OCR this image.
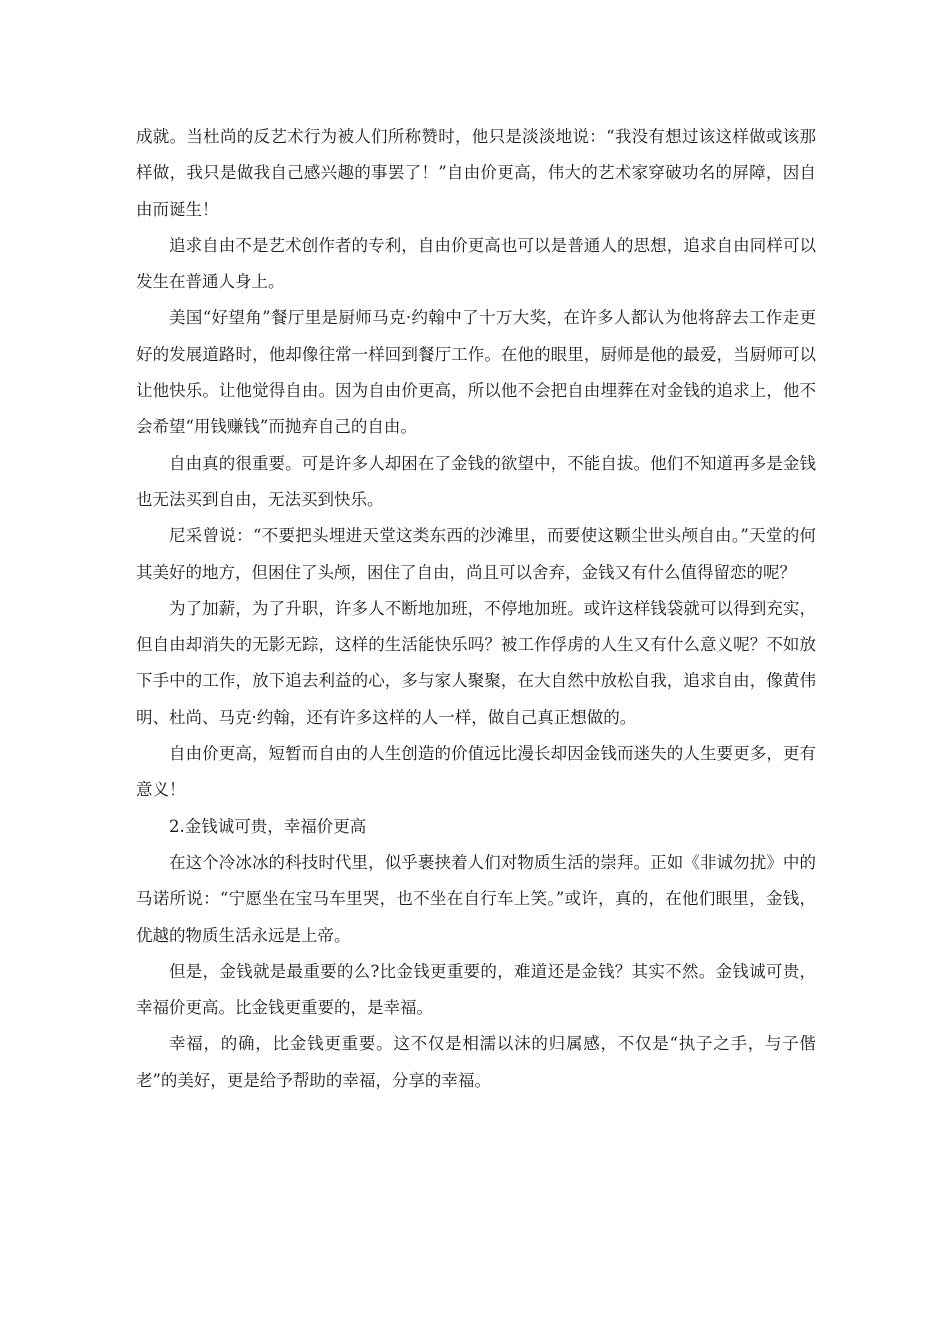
成就。当杜尚的反艺术行为被人们所称赞时，他只是淡淡地说：“我没有想过该这样做或该那样做，我只是做我自己感兴趣的事罢了！”自由价更高，伟大的艺术家穿破功名的屏障，因自由而诞生！

追求自由不是艺术创作者的专利，自由价更高也可以是普通人的思想，追求自由同样可以发生在普通人身上。

美国“好望角”餐厅里是厨师马克·约翰中了十万大奖，在许多人都认为他将辞去工作走更好的发展道路时，他却像往常一样回到餐厅工作。在他的眼里，厨师是他的最爱，当厨师可以让他快乐。让他觉得自由。因为自由价更高，所以他不会把自由埋葬在对金钱的追求上，他不会希望“用钱赚钱”而抛弃自己的自由。

自由真的很重要。可是许多人却困在了金钱的欲望中，不能自拔。他们不知道再多是金钱也无法买到自由，无法买到快乐。

尼采曾说：“不要把头埋进天堂这类东西的沙滩里，而要使这颗尘世头颅自由。”天堂的何其美好的地方，但困住了头颅，困住了自由，尚且可以舍弃，金钱又有什么值得留恋的呢？

为了加薪，为了升职，许多人不断地加班，不停地加班。或许这样钱袋就可以得到充实，但自由却消失的无影无踪，这样的生活能快乐吗？被工作俘虏的人生又有什么意义呢？不如放下手中的工作，放下追去利益的心，多与家人聚聚，在大自然中放松自我，追求自由，像黄伟明、杜尚、马克·约翰，还有许多这样的人一样，做自己真正想做的。

自由价更高，短暂而自由的人生创造的价值远比漫长却因金钱而迷失的人生要更多，更有意义！

2.金钱诚可贵，幸福价更高

在这个冷冰冰的科技时代里，似乎裹挟着人们对物质生活的崇拜。正如《非诚勿扰》中的马诺所说：“宁愿坐在宝马车里哭，也不坐在自行车上笑。”或许，真的，在他们眼里，金钱，优越的物质生活永远是上帝。

但是，金钱就是最重要的么?比金钱更重要的，难道还是金钱？其实不然。金钱诚可贵，幸福价更高。比金钱更重要的，是幸福。

幸福，的确，比金钱更重要。这不仅是相濡以沫的归属感，不仅是“执子之手，与子偕老”的美好，更是给予帮助的幸福，分享的幸福。
